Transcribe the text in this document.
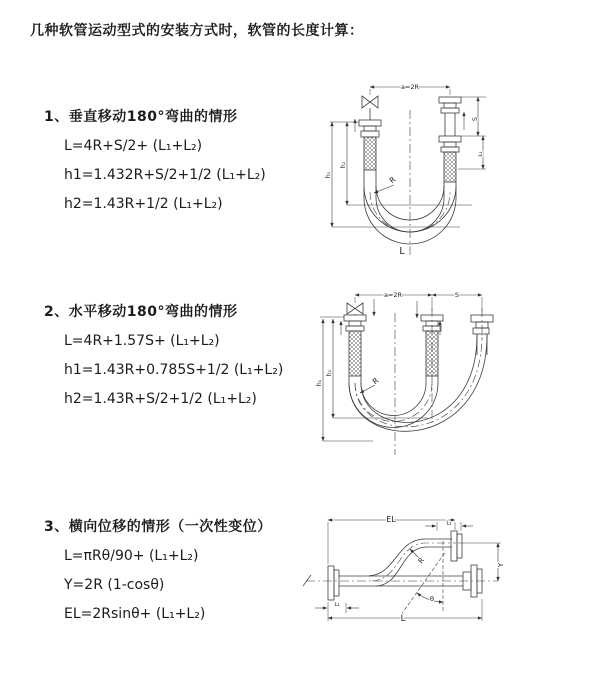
几种软管运动型式的安装方式时，软管的长度计算：
1、垂直移动180°弯曲的情形
L=4R+S/2+ (L₁+L₂)
h1=1.432R+S/2+1/2 (L₁+L₂)
h2=1.43R+1/2 (L₁+L₂)
a=2R
S
L₁
h₁
h₂
R
L
2、水平移动180°弯曲的情形
L=4R+1.57S+ (L₁+L₂)
h1=1.43R+0.785S+1/2 (L₁+L₂)
h2=1.43R+S/2+1/2 (L₁+L₂)
a=2R	S
h₁
h₂
R
3、横向位移的情形（一次性变位）
L=πRθ/90+ (L₁+L₂)
Y=2R (1-cosθ)
EL=2Rsinθ+ (L₁+L₂)
EL	L₂
Y
R
θ
L
L₁
